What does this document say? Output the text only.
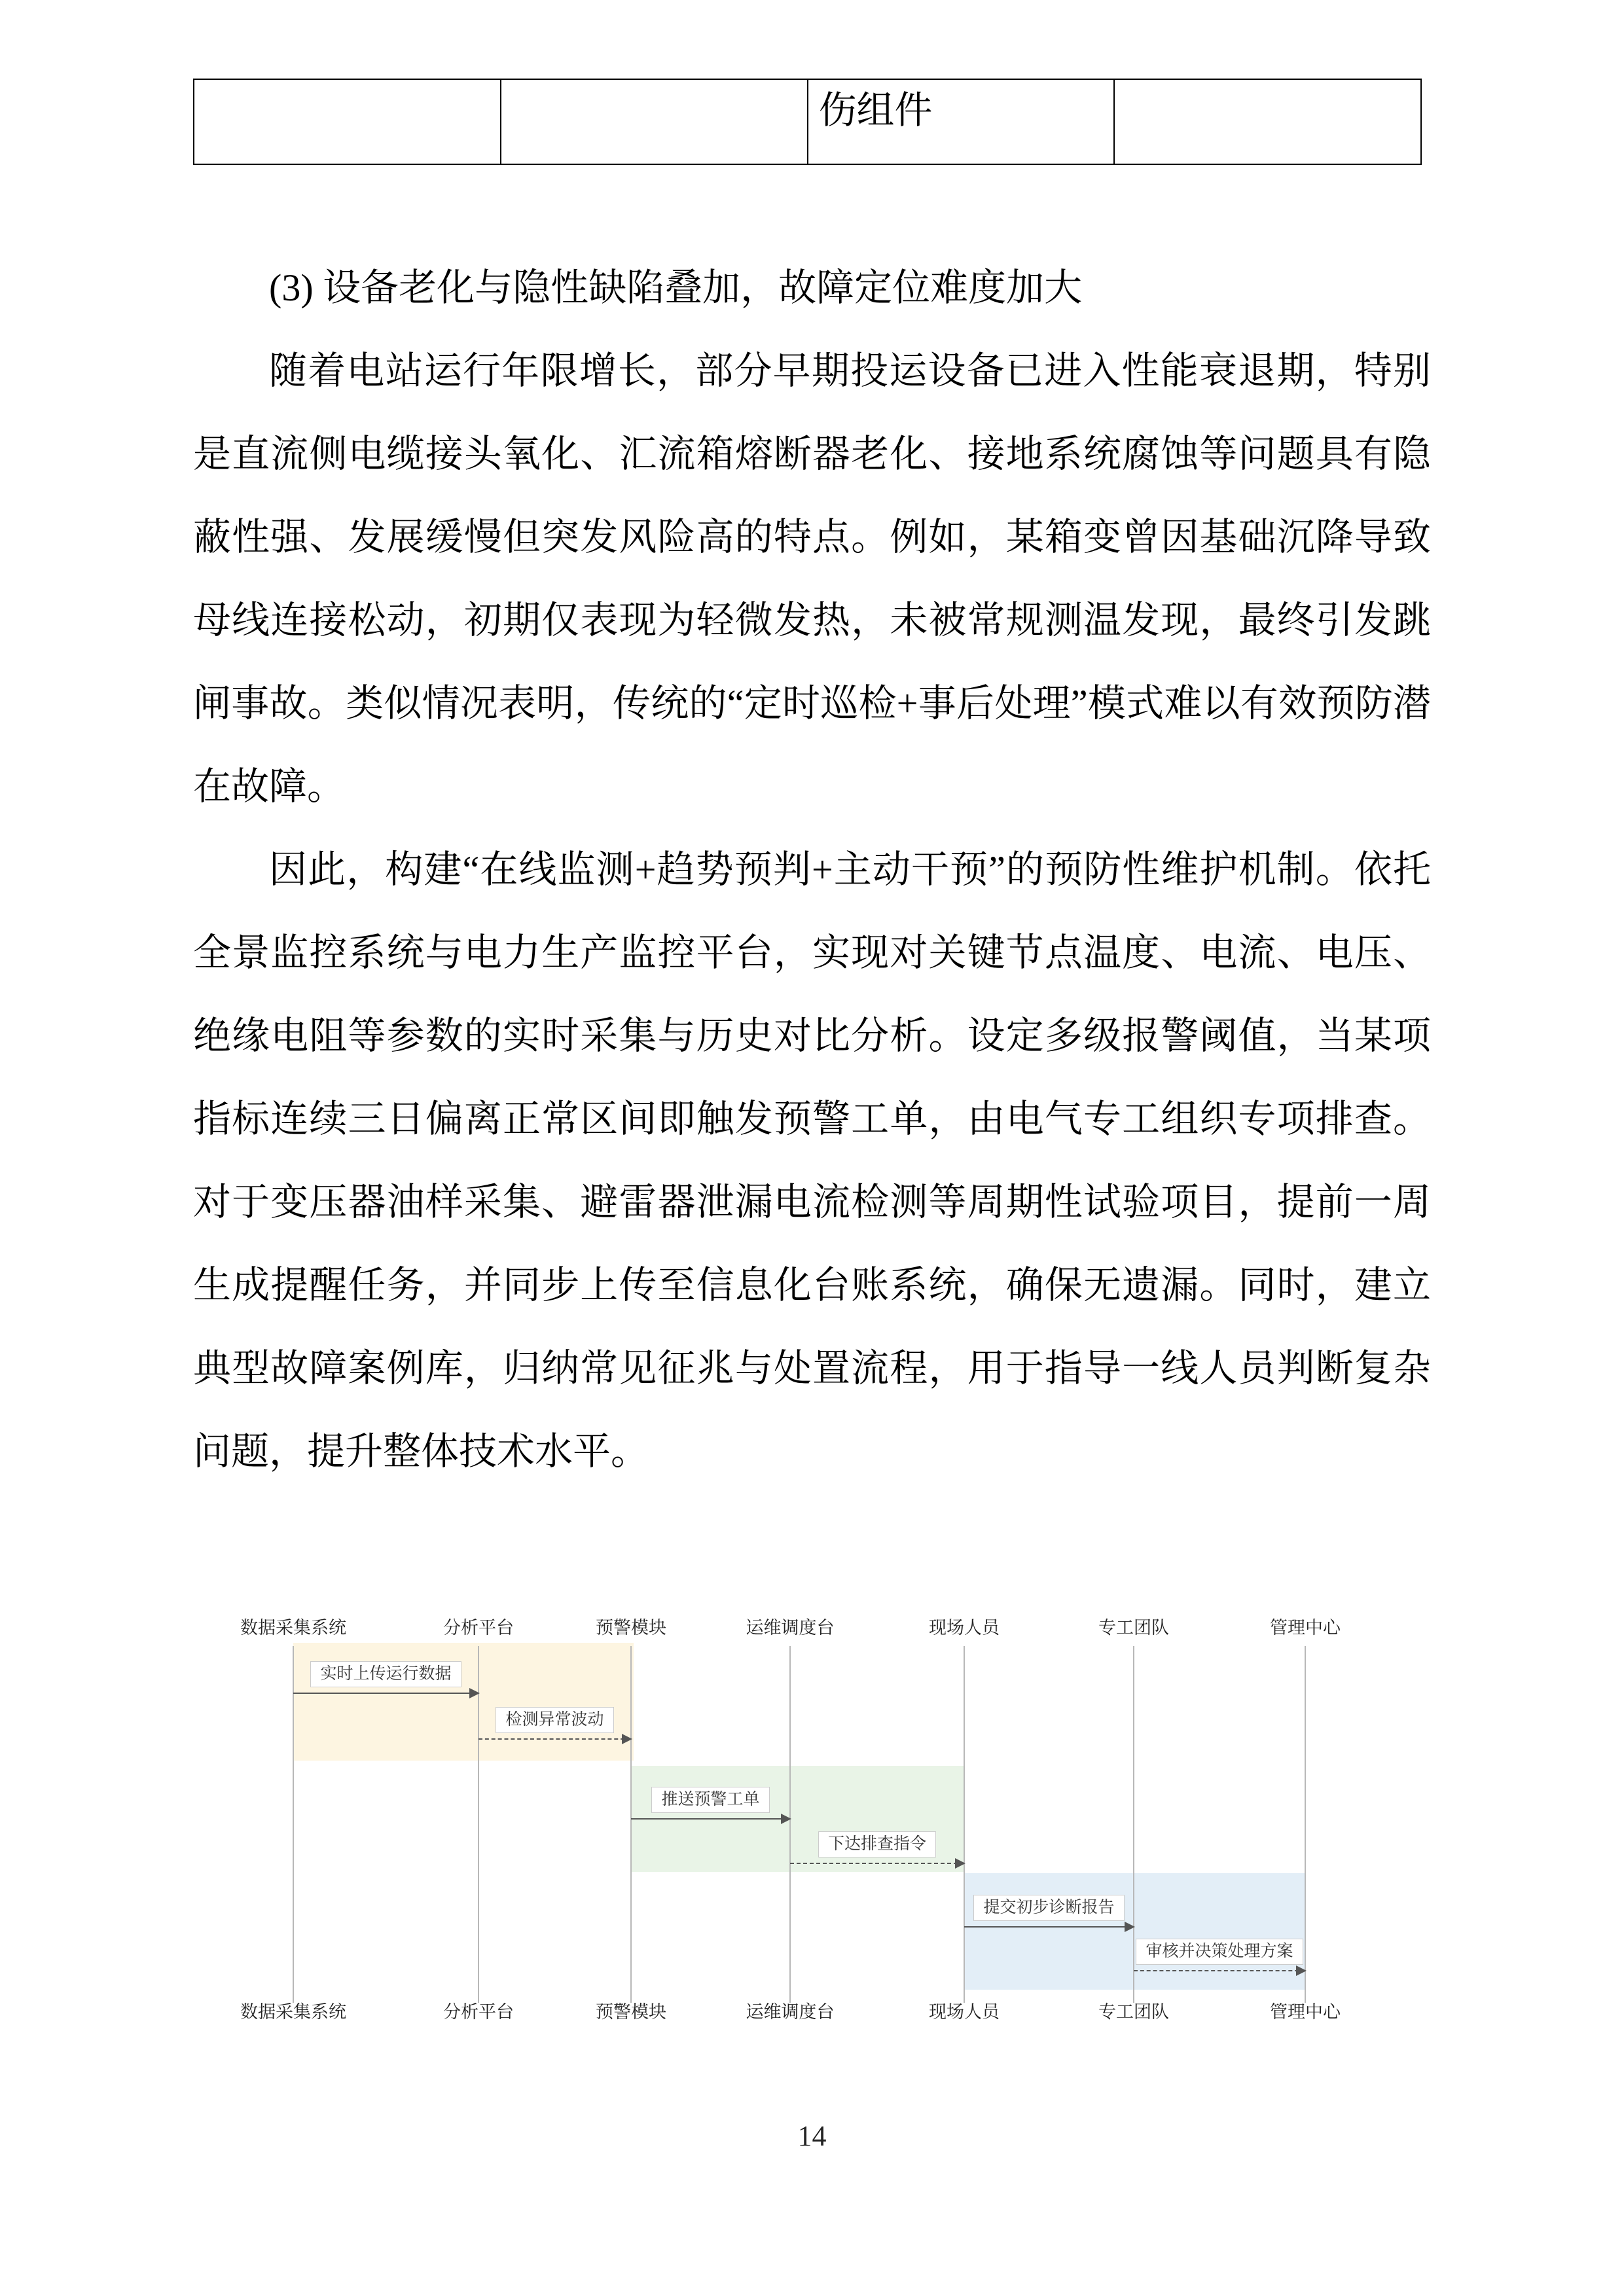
		伤组件	

(3) 设备老化与隐性缺陷叠加，故障定位难度加大

随着电站运行年限增长，部分早期投运设备已进入性能衰退期，特别是直流侧电缆接头氧化、汇流箱熔断器老化、接地系统腐蚀等问题具有隐蔽性强、发展缓慢但突发风险高的特点。例如，某箱变曾因基础沉降导致母线连接松动，初期仅表现为轻微发热，未被常规测温发现，最终引发跳闸事故。类似情况表明，传统的“定时巡检+事后处理”模式难以有效预防潜在故障。

因此，构建“在线监测+趋势预判+主动干预”的预防性维护机制。依托全景监控系统与电力生产监控平台，实现对关键节点温度、电流、电压、绝缘电阻等参数的实时采集与历史对比分析。设定多级报警阈值，当某项指标连续三日偏离正常区间即触发预警工单，由电气专工组织专项排查。对于变压器油样采集、避雷器泄漏电流检测等周期性试验项目，提前一周生成提醒任务，并同步上传至信息化台账系统，确保无遗漏。同时，建立典型故障案例库，归纳常见征兆与处置流程，用于指导一线人员判断复杂问题，提升整体技术水平。

数据采集系统	分析平台	预警模块	运维调度台	现场人员	专工团队	管理中心
实时上传运行数据
检测异常波动
推送预警工单
下达排查指令
提交初步诊断报告
审核并决策处理方案
数据采集系统	分析平台	预警模块	运维调度台	现场人员	专工团队	管理中心
14
